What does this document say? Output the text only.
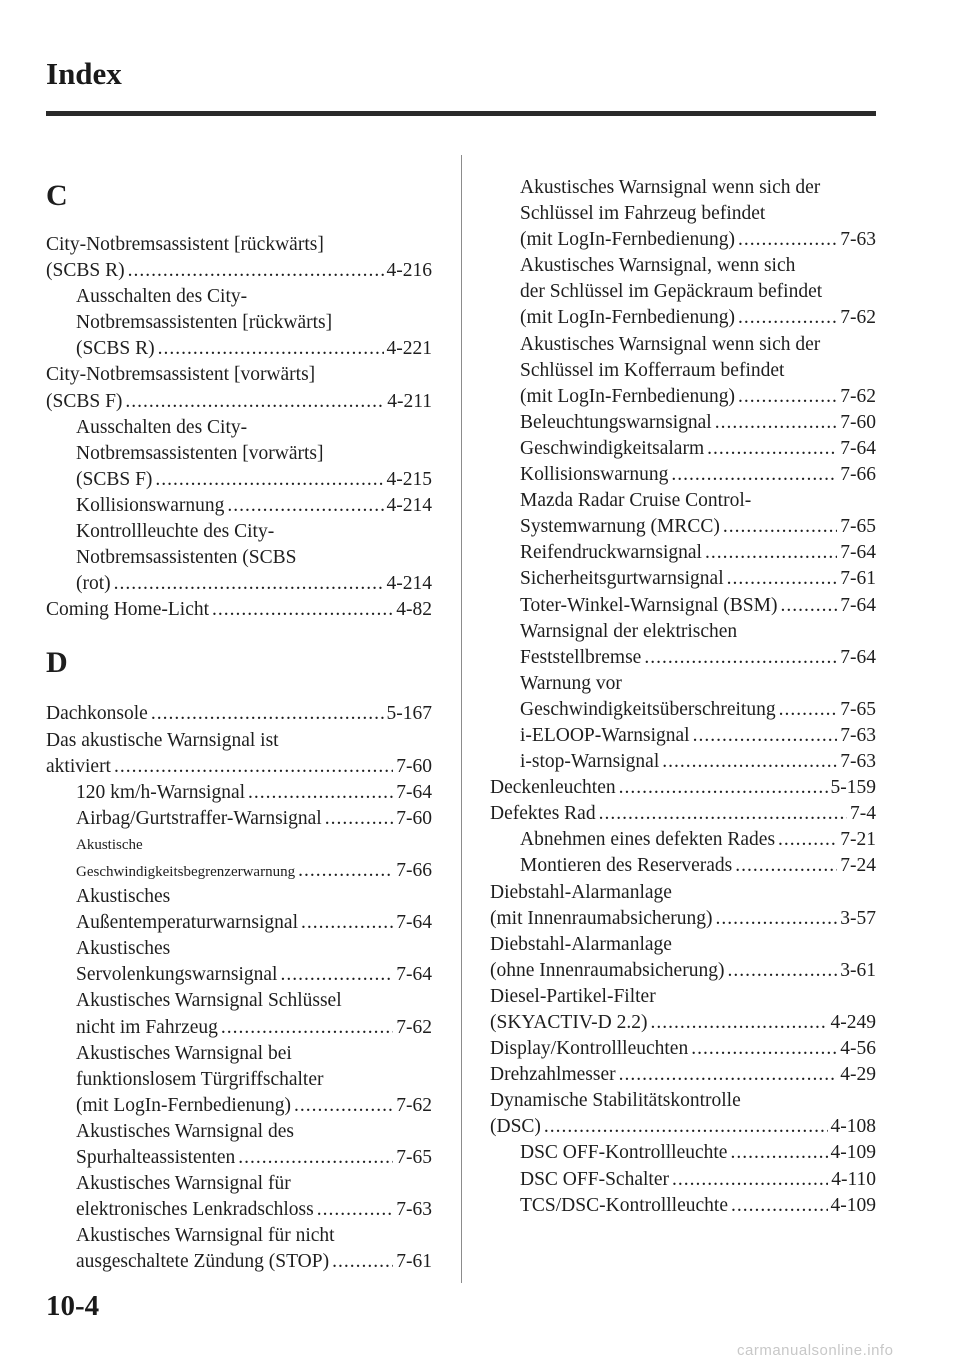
Index
C
City-Notbremsassistent [rückwärts]
(SCBS R) .....	4-216
Ausschalten des City-
Notbremsassistenten [rückwärts]
(SCBS R) .....	4-221
City-Notbremsassistent [vorwärts]
(SCBS F) .....	4-211
Ausschalten des City-
Notbremsassistenten [vorwärts]
(SCBS F) .....	4-215
Kollisionswarnung .....	4-214
Kontrollleuchte des City-
Notbremsassistenten (SCBS
(rot) .....	4-214
Coming Home-Licht .....	4-82
D
Dachkonsole .....	5-167
Das akustische Warnsignal ist
aktiviert .....	7-60
120 km/h-Warnsignal .....	7-64
Airbag/Gurtstraffer-Warnsignal .....	7-60
Akustische
Geschwindigkeitsbegrenzerwarnung .....	7-66
Akustisches
Außentemperaturwarnsignal .....	7-64
Akustisches
Servolenkungswarnsignal .....	7-64
Akustisches Warnsignal Schlüssel
nicht im Fahrzeug .....	7-62
Akustisches Warnsignal bei
funktionslosem Türgriffschalter
(mit LogIn-Fernbedienung) .....	7-62
Akustisches Warnsignal des
Spurhalteassistenten .....	7-65
Akustisches Warnsignal für
elektronisches Lenkradschloss .....	7-63
Akustisches Warnsignal für nicht
ausgeschaltete Zündung (STOP) .....	7-61
Akustisches Warnsignal wenn sich der
Schlüssel im Fahrzeug befindet
(mit LogIn-Fernbedienung) .....	7-63
Akustisches Warnsignal, wenn sich
der Schlüssel im Gepäckraum befindet
(mit LogIn-Fernbedienung) .....	7-62
Akustisches Warnsignal wenn sich der
Schlüssel im Kofferraum befindet
(mit LogIn-Fernbedienung) .....	7-62
Beleuchtungswarnsignal .....	7-60
Geschwindigkeitsalarm .....	7-64
Kollisionswarnung .....	7-66
Mazda Radar Cruise Control-
Systemwarnung (MRCC) .....	7-65
Reifendruckwarnsignal .....	7-64
Sicherheitsgurtwarnsignal .....	7-61
Toter-Winkel-Warnsignal (BSM) .....	7-64
Warnsignal der elektrischen
Feststellbremse .....	7-64
Warnung vor
Geschwindigkeitsüberschreitung .....	7-65
i-ELOOP-Warnsignal .....	7-63
i-stop-Warnsignal .....	7-63
Deckenleuchten .....	5-159
Defektes Rad .....	7-4
Abnehmen eines defekten Rades .....	7-21
Montieren des Reserverads .....	7-24
Diebstahl-Alarmanlage
(mit Innenraumabsicherung) .....	3-57
Diebstahl-Alarmanlage
(ohne Innenraumabsicherung) .....	3-61
Diesel-Partikel-Filter
(SKYACTIV-D 2.2) .....	4-249
Display/Kontrollleuchten .....	4-56
Drehzahlmesser .....	4-29
Dynamische Stabilitätskontrolle
(DSC) .....	4-108
DSC OFF-Kontrollleuchte .....	4-109
DSC OFF-Schalter .....	4-110
TCS/DSC-Kontrollleuchte .....	4-109
10-4
carmanualsonline.info
